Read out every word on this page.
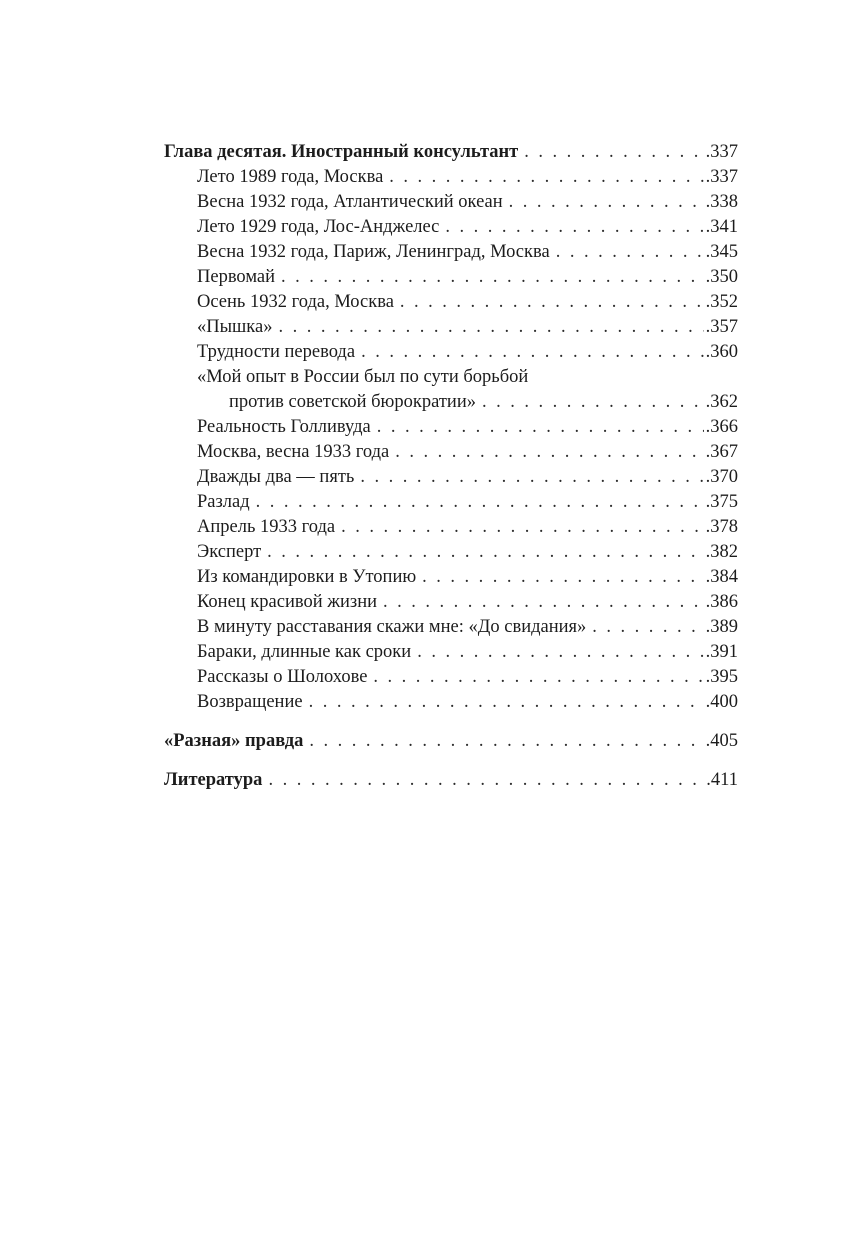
Глава десятая. Иностранный консультант .....	.337
Лето 1989 года, Москва .....	.337
Весна 1932 года, Атлантический океан .....	.338
Лето 1929 года, Лос-Анджелес .....	.341
Весна 1932 года, Париж, Ленинград, Москва .....	.345
Первомай .....	.350
Осень 1932 года, Москва .....	.352
«Пышка» .....	.357
Трудности перевода .....	.360
«Мой опыт в России был по сути борьбой
против советской бюрократии» .....	.362
Реальность Голливуда .....	.366
Москва, весна 1933 года .....	.367
Дважды два — пять .....	.370
Разлад .....	.375
Апрель 1933 года .....	.378
Эксперт .....	.382
Из командировки в Утопию .....	.384
Конец красивой жизни .....	.386
В минуту расставания скажи мне: «До свидания» .....	.389
Бараки, длинные как сроки .....	.391
Рассказы о Шолохове .....	.395
Возвращение .....	.400
«Разная» правда .....	.405
Литература .....	.411
